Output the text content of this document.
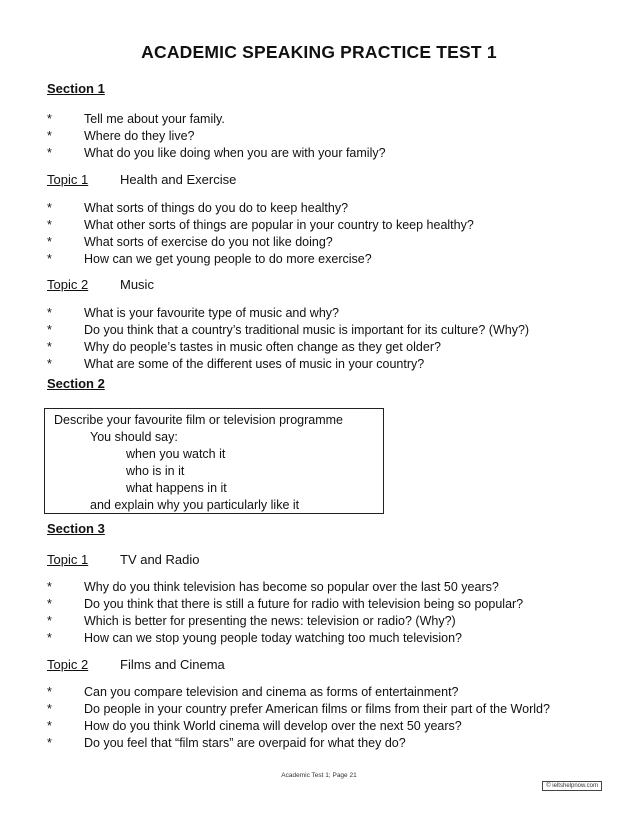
ACADEMIC SPEAKING PRACTICE TEST 1
Section 1
*	Tell me about your family.
*	Where do they live?
*	What do you like doing when you are with your family?
Topic 1 Health and Exercise
*	What sorts of things do you do to keep healthy?
*	What other sorts of things are popular in your country to keep healthy?
*	What sorts of exercise do you not like doing?
*	How can we get young people to do more exercise?
Topic 2 Music
*	What is your favourite type of music and why?
*	Do you think that a country’s traditional music is important for its culture? (Why?)
*	Why do people’s tastes in music often change as they get older?
*	What are some of the different uses of music in your country?
Section 2
Describe your favourite film or television programme
You should say:
when you watch it
who is in it
what happens in it
and explain why you particularly like it
Section 3
Topic 1 TV and Radio
*	Why do you think television has become so popular over the last 50 years?
*	Do you think that there is still a future for radio with television being so popular?
*	Which is better for presenting the news: television or radio? (Why?)
*	How can we stop young people today watching too much television?
Topic 2 Films and Cinema
*	Can you compare television and cinema as forms of entertainment?
*	Do people in your country prefer American films or films from their part of the World?
*	How do you think World cinema will develop over the next 50 years?
*	Do you feel that “film stars” are overpaid for what they do?
Academic Test 1; Page 21
© ieltshelpnow.com
